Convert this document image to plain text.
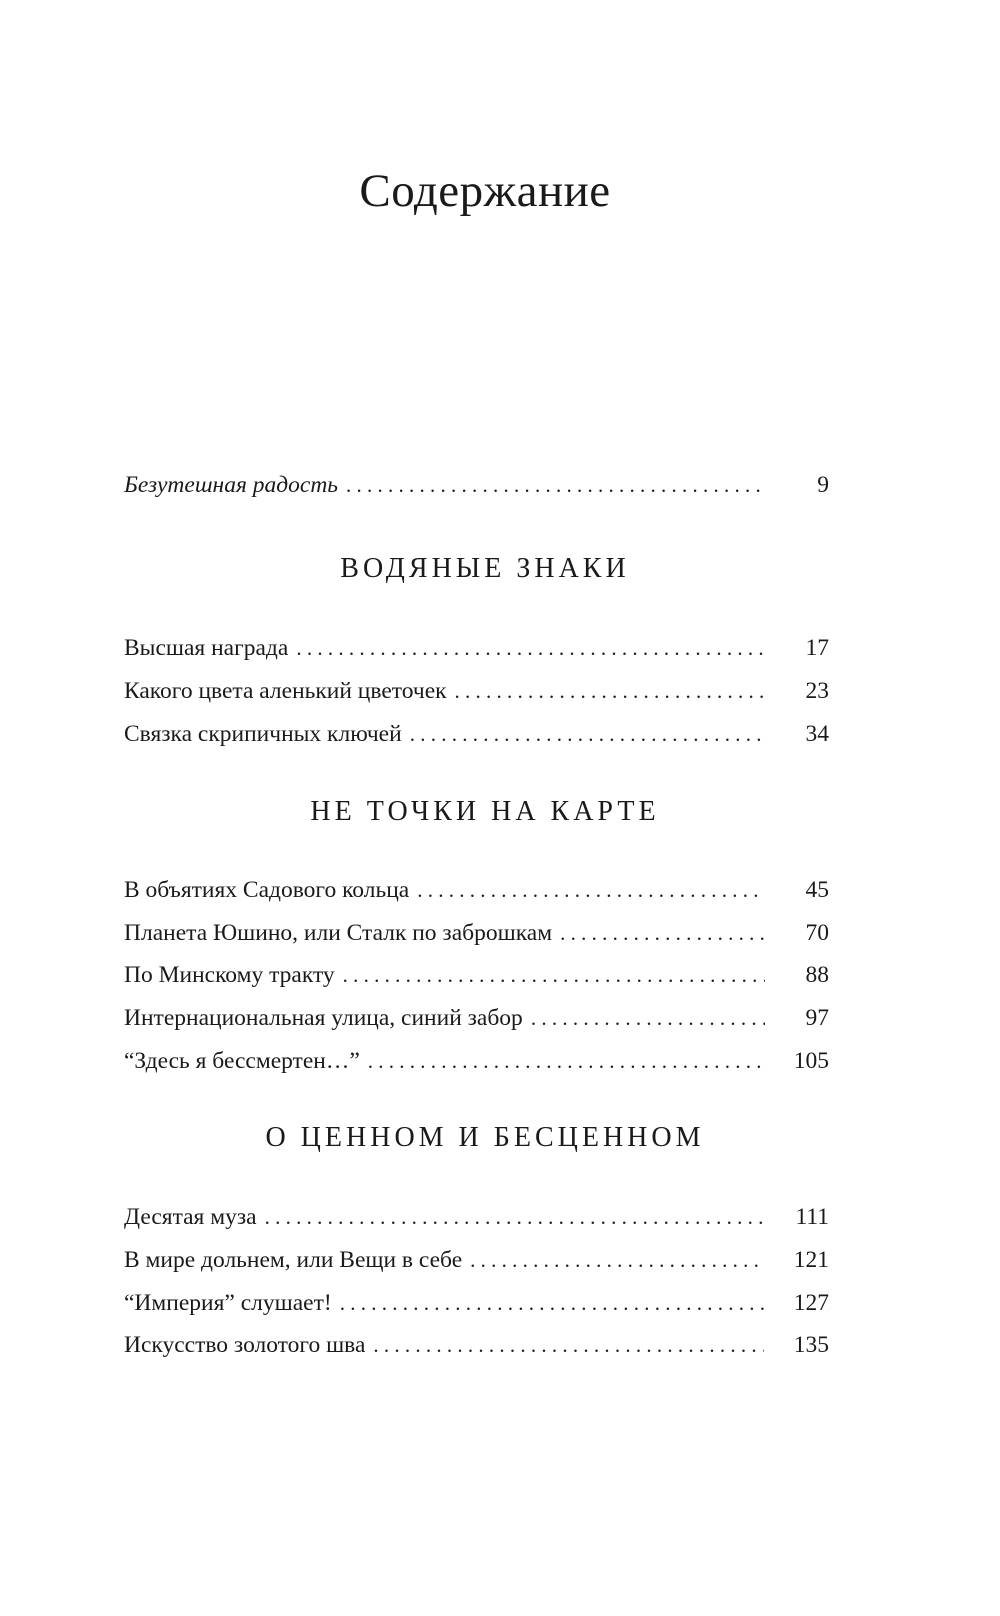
Содержание
Безутешная радость . . .	9
ВОДЯНЫЕ ЗНАКИ
Высшая награда . . .	17
Какого цвета аленький цветочек . . .	23
Связка скрипичных ключей . . .	34
НЕ ТОЧКИ НА КАРТЕ
В объятиях Садового кольца . . .	45
Планета Юшино, или Сталк по заброшкам . . .	70
По Минскому тракту . . .	88
Интернациональная улица, синий забор . . .	97
“Здесь я бессмертен…” . . .	105
О ЦЕННОМ И БЕСЦЕННОМ
Десятая муза . . .	111
В мире дольнем, или Вещи в себе . . .	121
“Империя” слушает! . . .	127
Искусство золотого шва . . .	135
